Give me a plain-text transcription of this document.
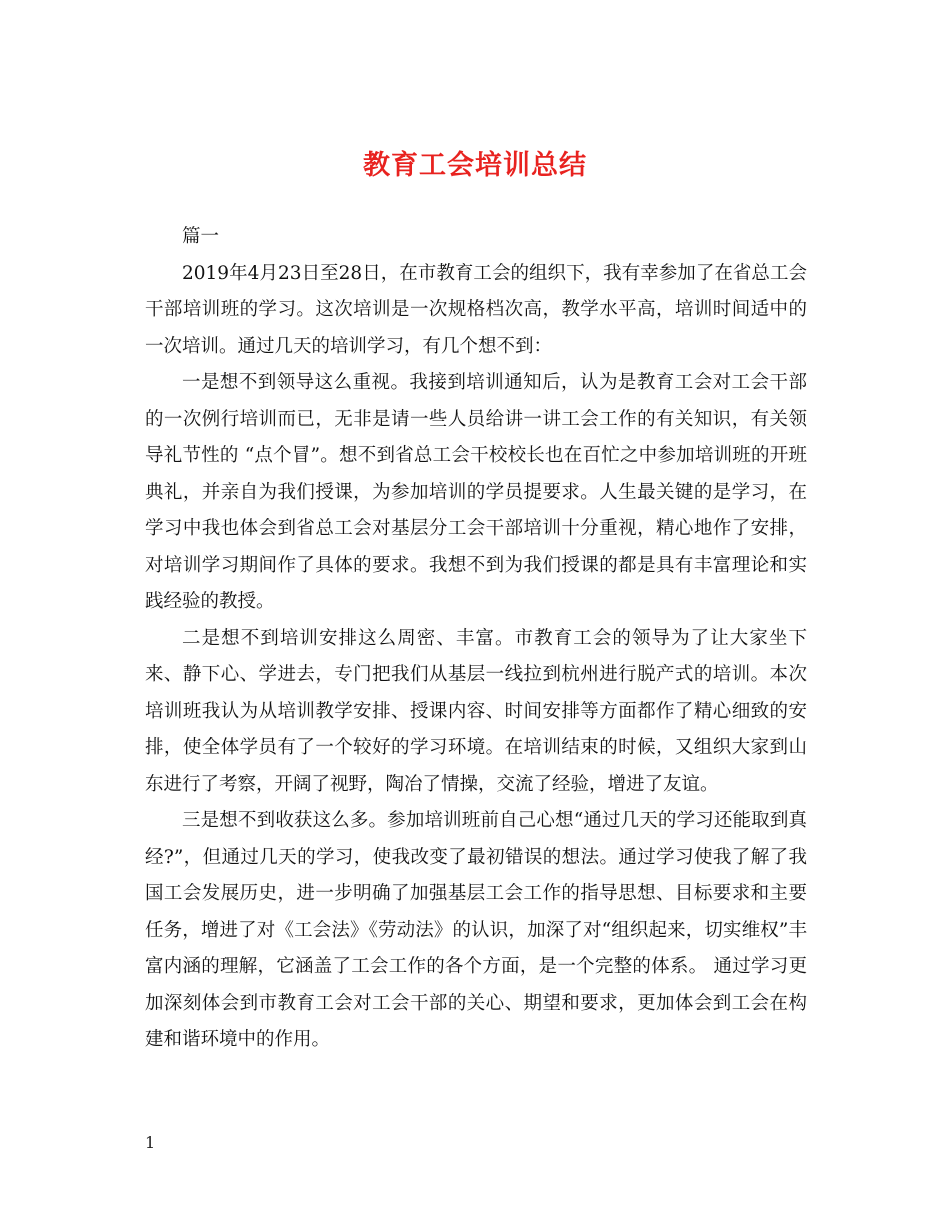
教育工会培训总结

篇一

2019年4月23日至28日，在市教育工会的组织下，我有幸参加了在省总工会干部培训班的学习。这次培训是一次规格档次高，教学水平高，培训时间适中的一次培训。通过几天的培训学习，有几个想不到：

一是想不到领导这么重视。我接到培训通知后，认为是教育工会对工会干部的一次例行培训而已，无非是请一些人员给讲一讲工会工作的有关知识，有关领导礼节性的 “点个冒”。想不到省总工会干校校长也在百忙之中参加培训班的开班典礼，并亲自为我们授课，为参加培训的学员提要求。人生最关键的是学习，在学习中我也体会到省总工会对基层分工会干部培训十分重视，精心地作了安排，对培训学习期间作了具体的要求。我想不到为我们授课的都是具有丰富理论和实践经验的教授。

二是想不到培训安排这么周密、丰富。市教育工会的领导为了让大家坐下来、静下心、学进去，专门把我们从基层一线拉到杭州进行脱产式的培训。本次培训班我认为从培训教学安排、授课内容、时间安排等方面都作了精心细致的安排，使全体学员有了一个较好的学习环境。在培训结束的时候，又组织大家到山东进行了考察，开阔了视野，陶冶了情操，交流了经验，增进了友谊。

三是想不到收获这么多。参加培训班前自己心想“通过几天的学习还能取到真经?”，但通过几天的学习，使我改变了最初错误的想法。通过学习使我了解了我国工会发展历史，进一步明确了加强基层工会工作的指导思想、目标要求和主要任务，增进了对《工会法》《劳动法》的认识，加深了对“组织起来，切实维权”丰富内涵的理解，它涵盖了工会工作的各个方面，是一个完整的体系。 通过学习更加深刻体会到市教育工会对工会干部的关心、期望和要求，更加体会到工会在构建和谐环境中的作用。

1
